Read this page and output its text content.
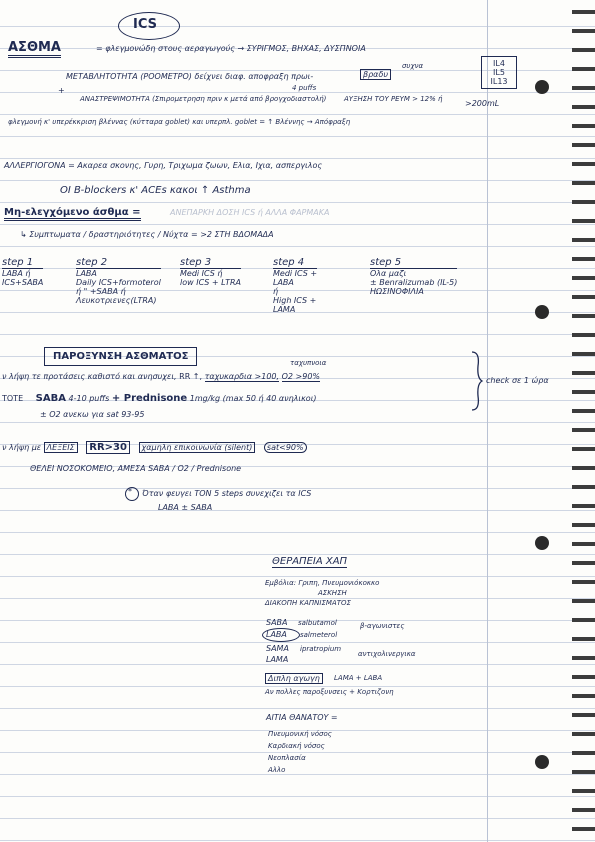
ICS
ΑΣΘΜΑ	= φλεγμονώδη στους αεραγωγούς → ΣΥΡΙΓΜΟΣ, ΒΗΧΑΣ, ΔΥΣΠΝΟΙΑ
ΜΕΤΑΒΛΗΤΟΤΗΤΑ (ΡΟΟΜΕΤΡΟ) δείχνει διαφ. αποφραξη πρωι-	βραδυ
συχνα
+	4 puffs
ΑΝΑΣΤΡΕΨΙΜΟΤΗΤΑ (Σπιρομετρηση πριν κ μετά από βρογχοδιαστολή)	ΑΥΞΗΣΗ ΤΟΥ ΡΕΥΜ > 12% ή	>200mL
IL4
IL5
IL13
φλεγμονή κ' υπερέκκριση βλέννας (κύτταρα goblet) και υπερπλ. goblet = ↑ Βλέννης → Απόφραξη
ΑΛΛΕΡΓΙΟΓΟΝΑ = Ακαρεα σκονης, Γυρη, Τριχωμα ζωων, Ελια, Ιχια, ασπεργιλος
ΟΙ B-blockers κ' ACEs κακοι ↑ Asthma
Μη-ελεγχόμενο άσθμα =	ΑΝΕΠΑΡΚΗ ΔΟΣΗ ICS ή ΑΛΛΑ ΦΑΡΜΑΚΑ
↳ Συμπτωματα / δραστηριότητες / Νύχτα = >2 ΣΤΗ ΒΔΟΜΑΔΑ
step 1
LABA ή
ICS+SABA
step 2
LABA
Daily ICS+formoterol
ή " +SABA ή
Λευκοτριενες(LTRA)
step 3
Medi ICS ή
low ICS + LTRA
step 4
Medi ICS +
LABA
ή
High ICS +
LAMA
step 5
Ολα μαζι
± Benralizumab (IL-5)
ΗΩΣΙΝΟΦΙΛΙΑ
ΠΑΡΟΞΥΝΣΗ ΑΣΘΜΑΤΟΣ
ταχυπνοια
ν λήψη τε προτάσεις καθιστό και ανησυχει, RR ↑, ταχυκαρδια >100, O2 >90%
ΤΟΤΕ SABA 4-10 puffs + Prednisone 1mg/kg (max 50 ή 40 ανηλικοι)
± O2 ανεκω για sat 93-95
check σε 1 ώρα
ν λήψη με ΛΕΞΕΙΣ RR>30 χαμηλη επικοινωνία (silent) sat<90%
ΘΕΛΕΙ ΝΟΣΟΚΟΜΕΙΟ, ΑΜΕΣΑ SABA / O2 / Prednisone
* Όταν φευγει ΤΟΝ 5 steps συνεχιζει τα ICS
LABA ± SABA
ΘΕΡΑΠΕΙΑ ΧΑΠ
Εμβόλια: Γριπη, Πνευμονιόκοκκο
ΑΣΚΗΣΗ
ΔΙΑΚΟΠΗ ΚΑΠΝΙΣΜΑΤΟΣ
SABA salbutamol
LABA salmeterol
β-αγωνιστες
SAMA ipratropium
LAMA
αντιχολινεργικα
Διπλη αγωγη	LAMA + LABA
Αν πολλες παροξυνσεις + Κορτιζονη
ΑΙΤΙΑ ΘΑΝΑΤΟΥ =
Πνευμονική νόσος
Καρδιακή νόσος
Νεοπλασία
Αλλο
